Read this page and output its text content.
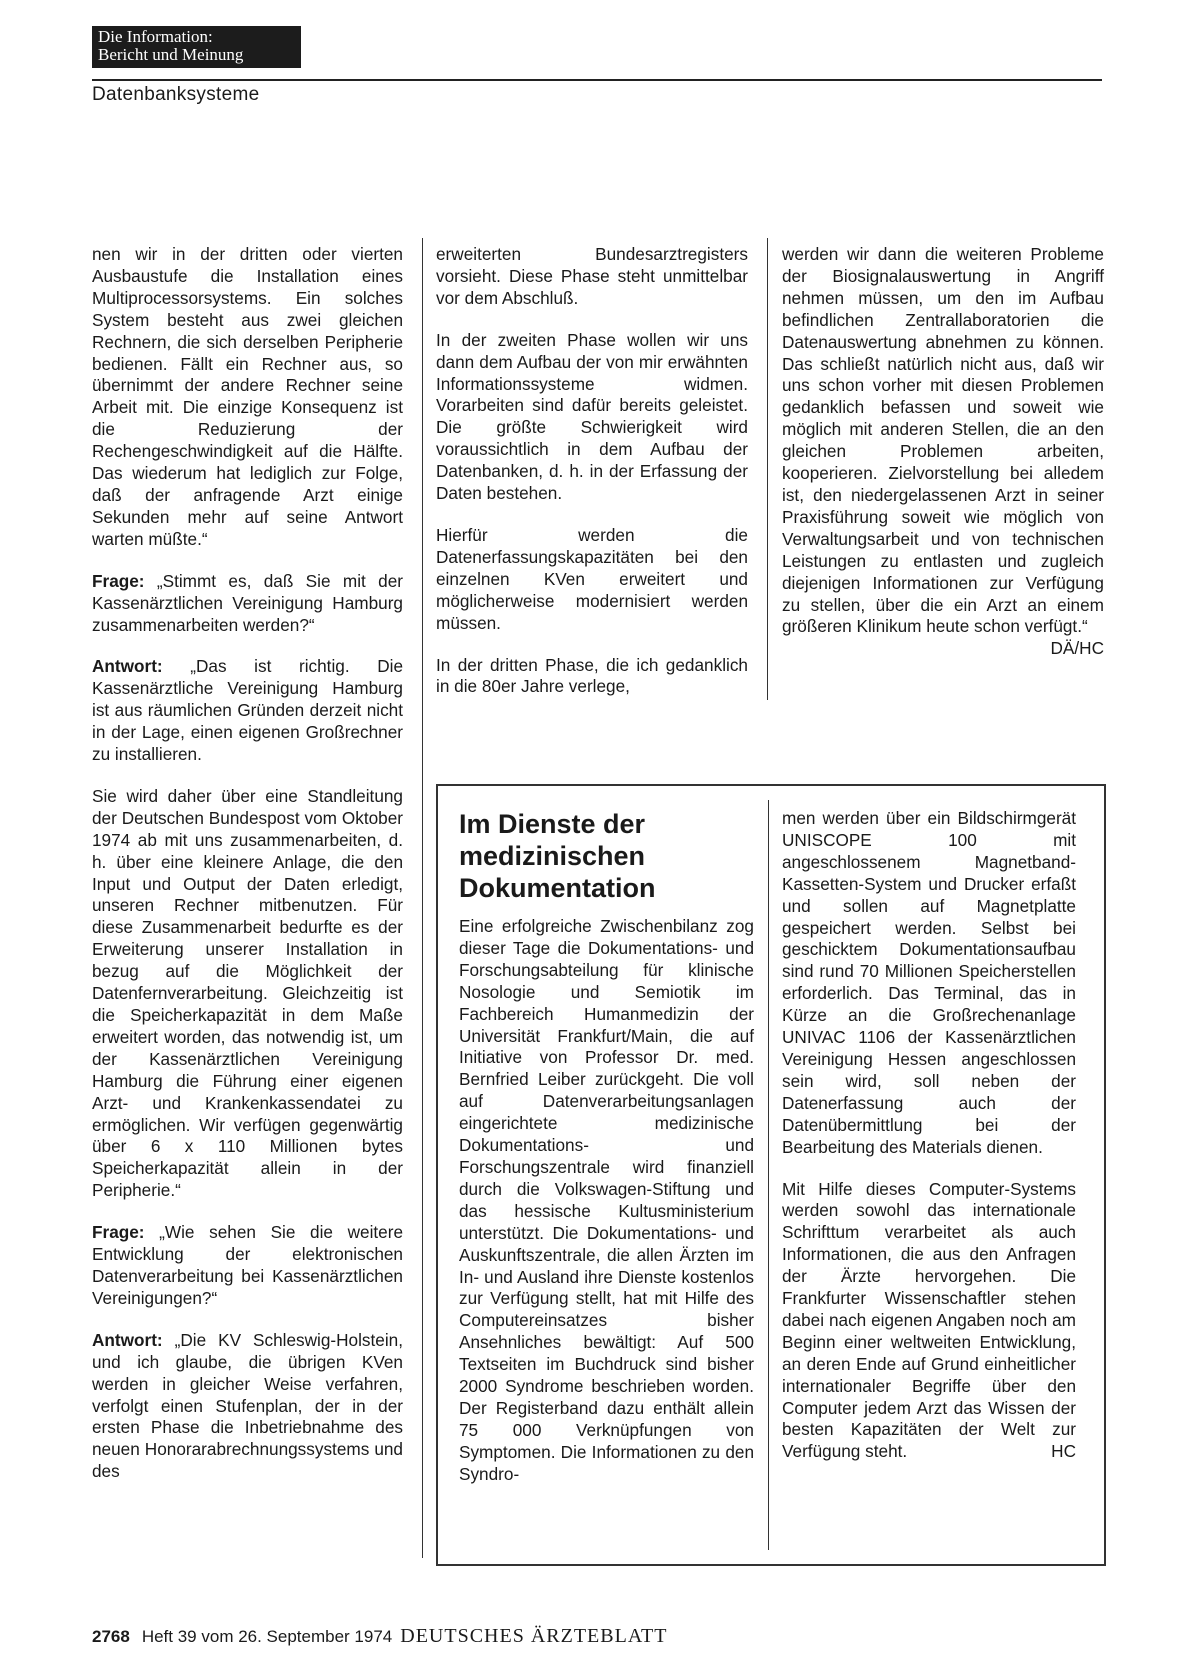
Die Information:
Bericht und Meinung
Datenbanksysteme

nen wir in der dritten oder vierten Ausbaustufe die Installation eines Multiprocessorsystems. Ein solches System besteht aus zwei gleichen Rechnern, die sich derselben Peripherie bedienen. Fällt ein Rechner aus, so übernimmt der andere Rechner seine Arbeit mit. Die einzige Konsequenz ist die Reduzierung der Rechengeschwindigkeit auf die Hälfte. Das wiederum hat lediglich zur Folge, daß der anfragende Arzt einige Sekunden mehr auf seine Antwort warten müßte.“

Frage: „Stimmt es, daß Sie mit der Kassenärztlichen Vereinigung Hamburg zusammenarbeiten werden?“

Antwort: „Das ist richtig. Die Kassenärztliche Vereinigung Hamburg ist aus räumlichen Gründen derzeit nicht in der Lage, einen eigenen Großrechner zu installieren.

Sie wird daher über eine Standleitung der Deutschen Bundespost vom Oktober 1974 ab mit uns zusammenarbeiten, d. h. über eine kleinere Anlage, die den Input und Output der Daten erledigt, unseren Rechner mitbenutzen. Für diese Zusammenarbeit bedurfte es der Erweiterung unserer Installation in bezug auf die Möglichkeit der Datenfernverarbeitung. Gleichzeitig ist die Speicherkapazität in dem Maße erweitert worden, das notwendig ist, um der Kassenärztlichen Vereinigung Hamburg die Führung einer eigenen Arzt- und Krankenkassendatei zu ermöglichen. Wir verfügen gegenwärtig über 6 x 110 Millionen bytes Speicherkapazität allein in der Peripherie.“

Frage: „Wie sehen Sie die weitere Entwicklung der elektronischen Datenverarbeitung bei Kassenärztlichen Vereinigungen?“

Antwort: „Die KV Schleswig-Holstein, und ich glaube, die übrigen KVen werden in gleicher Weise verfahren, verfolgt einen Stufenplan, der in der ersten Phase die Inbetriebnahme des neuen Honorarabrechnungssystems und des

erweiterten Bundesarztregisters vorsieht. Diese Phase steht unmittelbar vor dem Abschluß.

In der zweiten Phase wollen wir uns dann dem Aufbau der von mir erwähnten Informationssysteme widmen. Vorarbeiten sind dafür bereits geleistet. Die größte Schwierigkeit wird voraussichtlich in dem Aufbau der Datenbanken, d. h. in der Erfassung der Daten bestehen.

Hierfür werden die Datenerfassungskapazitäten bei den einzelnen KVen erweitert und möglicherweise modernisiert werden müssen.

In der dritten Phase, die ich gedanklich in die 80er Jahre verlege,

werden wir dann die weiteren Probleme der Biosignalauswertung in Angriff nehmen müssen, um den im Aufbau befindlichen Zentrallaboratorien die Datenauswertung abnehmen zu können. Das schließt natürlich nicht aus, daß wir uns schon vorher mit diesen Problemen gedanklich befassen und soweit wie möglich mit anderen Stellen, die an den gleichen Problemen arbeiten, kooperieren. Zielvorstellung bei alledem ist, den niedergelassenen Arzt in seiner Praxisführung soweit wie möglich von Verwaltungsarbeit und von technischen Leistungen zu entlasten und zugleich diejenigen Informationen zur Verfügung zu stellen, über die ein Arzt an einem größeren Klinikum heute schon verfügt.“
DÄ/HC

Im Dienste der medizinischen Dokumentation

Eine erfolgreiche Zwischenbilanz zog dieser Tage die Dokumentations- und Forschungsabteilung für klinische Nosologie und Semiotik im Fachbereich Humanmedizin der Universität Frankfurt/Main, die auf Initiative von Professor Dr. med. Bernfried Leiber zurückgeht. Die voll auf Datenverarbeitungsanlagen eingerichtete medizinische Dokumentations- und Forschungszentrale wird finanziell durch die Volkswagen-Stiftung und das hessische Kultusministerium unterstützt. Die Dokumentations- und Auskunftszentrale, die allen Ärzten im In- und Ausland ihre Dienste kostenlos zur Verfügung stellt, hat mit Hilfe des Computereinsatzes bisher Ansehnliches bewältigt: Auf 500 Textseiten im Buchdruck sind bisher 2000 Syndrome beschrieben worden. Der Registerband dazu enthält allein 75 000 Verknüpfungen von Symptomen. Die Informationen zu den Syndro-

men werden über ein Bildschirmgerät UNISCOPE 100 mit angeschlossenem Magnetband-Kassetten-System und Drucker erfaßt und sollen auf Magnetplatte gespeichert werden. Selbst bei geschicktem Dokumentationsaufbau sind rund 70 Millionen Speicherstellen erforderlich. Das Terminal, das in Kürze an die Großrechenanlage UNIVAC 1106 der Kassenärztlichen Vereinigung Hessen angeschlossen sein wird, soll neben der Datenerfassung auch der Datenübermittlung bei der Bearbeitung des Materials dienen.

Mit Hilfe dieses Computer-Systems werden sowohl das internationale Schrifttum verarbeitet als auch Informationen, die aus den Anfragen der Ärzte hervorgehen. Die Frankfurter Wissenschaftler stehen dabei nach eigenen Angaben noch am Beginn einer weltweiten Entwicklung, an deren Ende auf Grund einheitlicher internationaler Begriffe über den Computer jedem Arzt das Wissen der besten Kapazitäten der Welt zur Verfügung steht.	HC

2768 Heft 39 vom 26. September 1974 DEUTSCHES ÄRZTEBLATT
